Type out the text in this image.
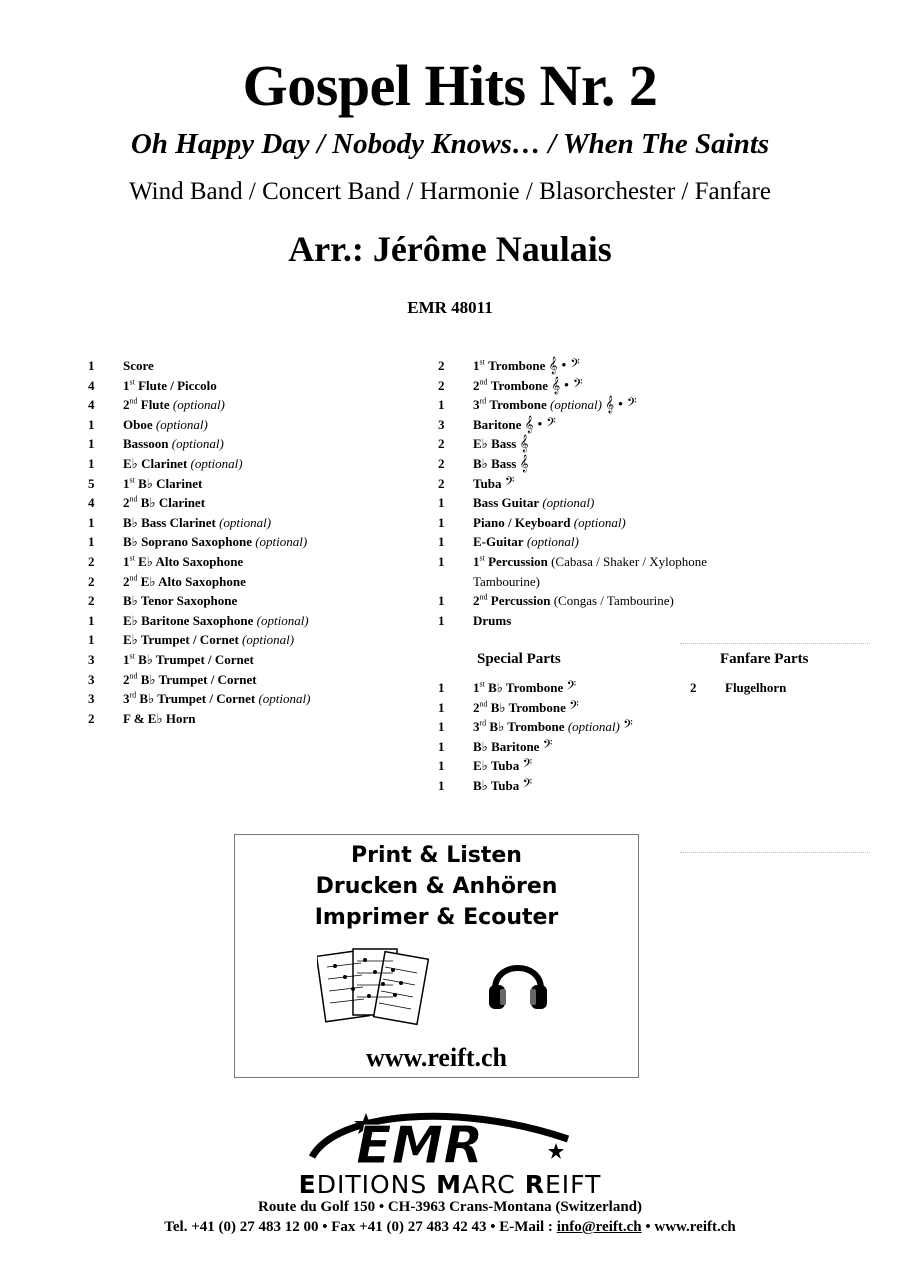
Gospel Hits Nr. 2
Oh Happy Day / Nobody Knows… / When The Saints
Wind Band / Concert Band / Harmonie / Blasorchester / Fanfare
Arr.: Jérôme Naulais
EMR 48011
1 Score
4 1st Flute / Piccolo
4 2nd Flute (optional)
1 Oboe (optional)
1 Bassoon (optional)
1 E♭ Clarinet (optional)
5 1st B♭ Clarinet
4 2nd B♭ Clarinet
1 B♭ Bass Clarinet (optional)
1 B♭ Soprano Saxophone (optional)
2 1st E♭ Alto Saxophone
2 2nd E♭ Alto Saxophone
2 B♭ Tenor Saxophone
1 E♭ Baritone Saxophone (optional)
1 E♭ Trumpet / Cornet (optional)
3 1st B♭ Trumpet / Cornet
3 2nd B♭ Trumpet / Cornet
3 3rd B♭ Trumpet / Cornet (optional)
2 F & E♭ Horn
2 1st Trombone 𝄞 • 𝄢
2 2nd Trombone 𝄞 • 𝄢
1 3rd Trombone (optional) 𝄞 • 𝄢
3 Baritone 𝄞 • 𝄢
2 E♭ Bass 𝄞
2 B♭ Bass 𝄞
2 Tuba 𝄢
1 Bass Guitar (optional)
1 Piano / Keyboard (optional)
1 E-Guitar (optional)
1 1st Percussion (Cabasa / Shaker / Xylophone
Tambourine)
1 2nd Percussion (Congas / Tambourine)
1 Drums
Special Parts	Fanfare Parts
1 1st B♭ Trombone 𝄢
1 2nd B♭ Trombone 𝄢
1 3rd B♭ Trombone (optional) 𝄢
1 B♭ Baritone 𝄢
1 E♭ Tuba 𝄢
1 B♭ Tuba 𝄢
2 Flugelhorn
Print & Listen
Drucken & Anhören
Imprimer & Ecouter
www.reift.ch
EMR
EDITIONS MARC REIFT
Route du Golf 150 • CH-3963 Crans-Montana (Switzerland)
Tel. +41 (0) 27 483 12 00 • Fax +41 (0) 27 483 42 43 • E-Mail : info@reift.ch • www.reift.ch
